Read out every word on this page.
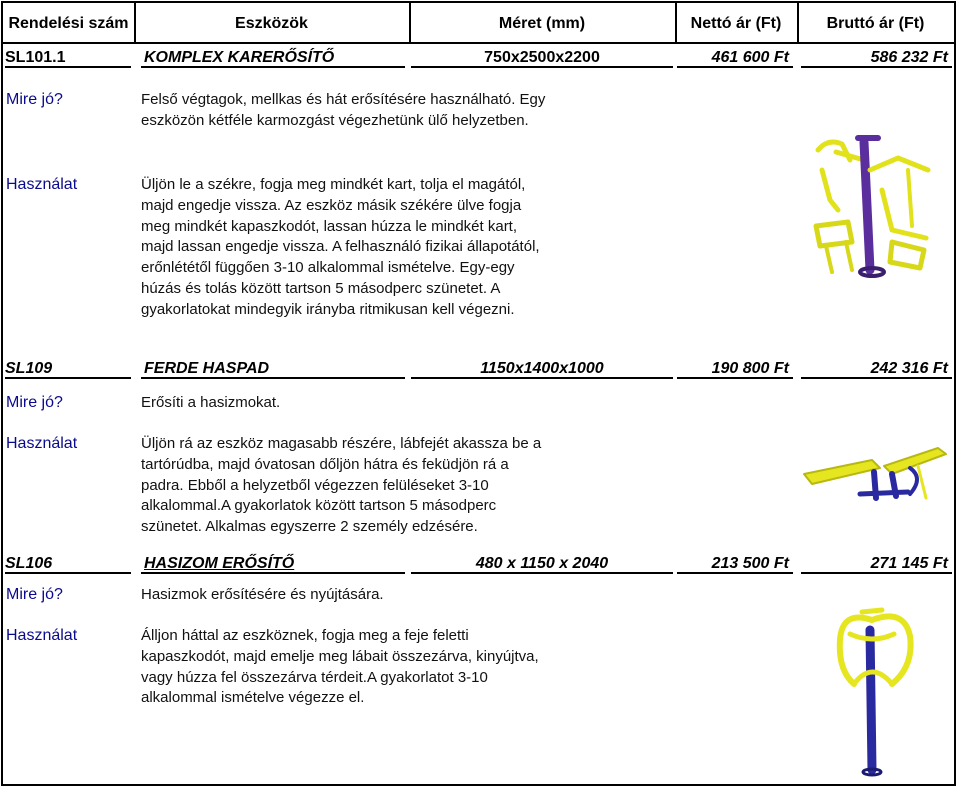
Rendelési szám	Eszközök	Méret (mm)	Nettó ár (Ft)	Bruttó ár (Ft)
SL101.1	KOMPLEX KARERŐSÍTŐ	750x2500x2200	461 600 Ft	586 232 Ft
Mire jó?	Felső végtagok, mellkas és hát erősítésére használható. Egy
eszközön kétféle karmozgást végezhetünk ülő helyzetben.
Használat	Üljön le a székre, fogja meg mindkét kart, tolja el magától,
majd engedje vissza. Az eszköz másik székére ülve fogja
meg mindkét kapaszkodót, lassan húzza le mindkét kart,
majd lassan engedje vissza. A felhasználó fizikai állapotától,
erőnlététől függően 3-10 alkalommal ismételve. Egy-egy
húzás és tolás között tartson 5 másodperc szünetet. A
gyakorlatokat mindegyik irányba ritmikusan kell végezni.
SL109	FERDE HASPAD	1150x1400x1000	190 800 Ft	242 316 Ft
Mire jó?	Erősíti a hasizmokat.
Használat	Üljön rá az eszköz magasabb részére, lábfejét akassza be a
tartórúdba, majd óvatosan dőljön hátra és feküdjön rá a
padra. Ebből a helyzetből végezzen felüléseket 3-10
alkalommal.A gyakorlatok között tartson 5 másodperc
szünetet. Alkalmas egyszerre 2 személy edzésére.
SL106	HASIZOM ERŐSÍTŐ	480 x 1150 x 2040	213 500 Ft	271 145 Ft
Mire jó?	Hasizmok erősítésére és nyújtására.
Használat	Álljon háttal az eszköznek, fogja meg a feje feletti
kapaszkodót, majd emelje meg lábait összezárva, kinyújtva,
vagy húzza fel összezárva térdeit.A gyakorlatot 3-10
alkalommal ismételve végezze el.
